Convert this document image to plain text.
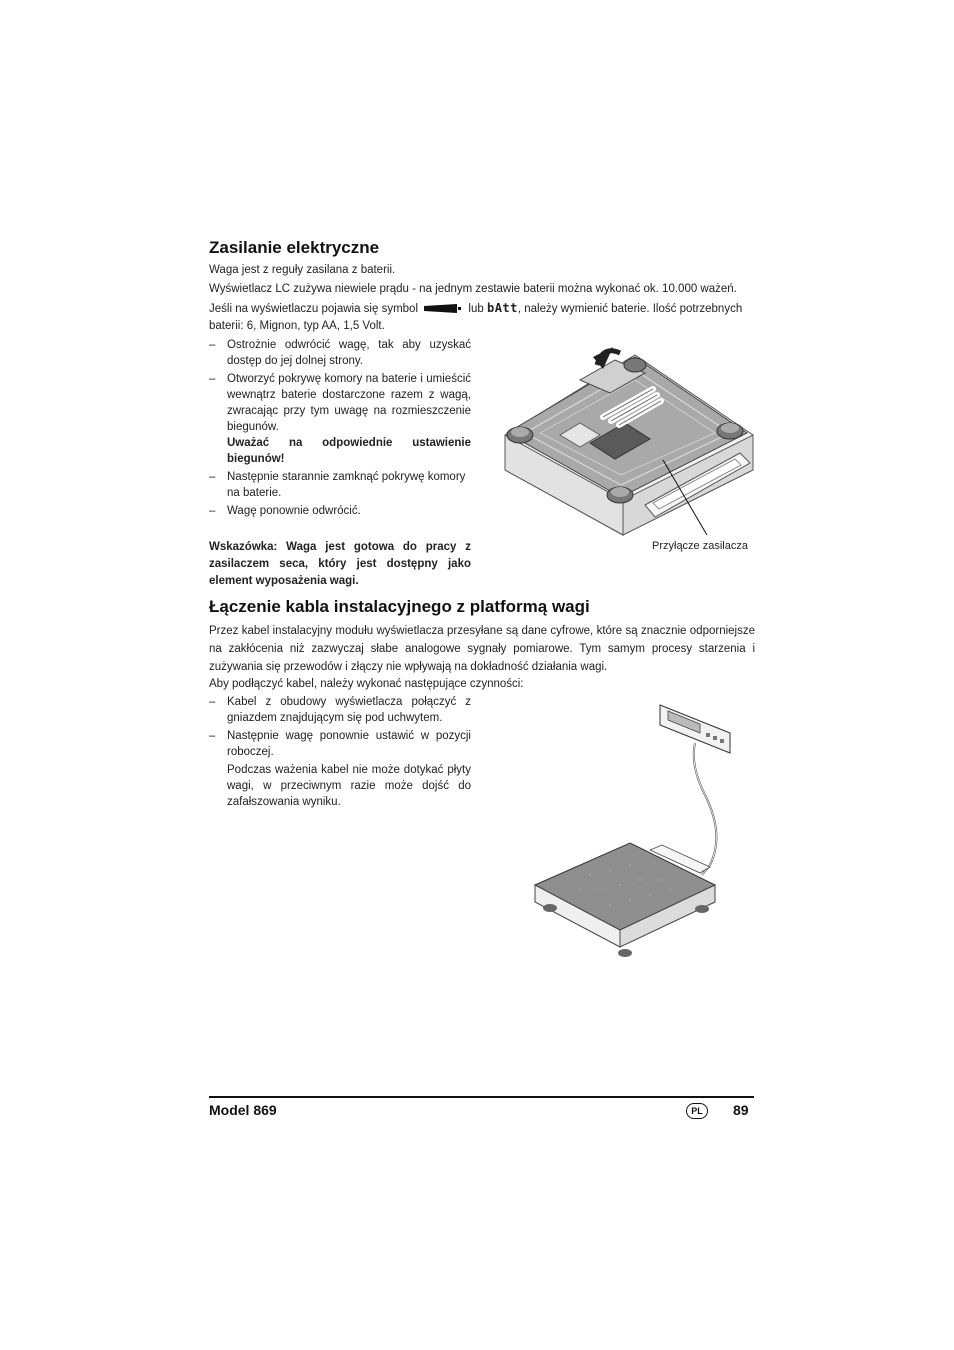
Zasilanie elektryczne

Waga jest z reguły zasilana z baterii.

Wyświetlacz LC zużywa niewiele prądu - na jednym zestawie baterii można wykonać ok. 10.000 ważeń.

Jeśli na wyświetlaczu pojawia się symbol	lub bAtt, należy wymienić baterie. Ilość potrzebnych

baterii: 6, Mignon, typ AA, 1,5 Volt.

– Ostrożnie odwrócić wagę, tak aby uzyskać dostęp do jej dolnej strony.
– Otworzyć pokrywę komory na baterie i umieścić wewnątrz baterie dostarczone razem z wagą, zwracając przy tym uwagę na rozmieszczenie biegunów.
Uważać na odpowiednie ustawienie biegunów!
– Następnie starannie zamknąć pokrywę komory na baterie.
– Wagę ponownie odwrócić.

Wskazówka: Waga jest gotowa do pracy z zasilaczem seca, który jest dostępny jako element wyposażenia wagi.

Przyłącze zasilacza

Łączenie kabla instalacyjnego z platformą wagi

Przez kabel instalacyjny modułu wyświetlacza przesyłane są dane cyfrowe, które są znacznie odporniejsze na zakłócenia niż zazwyczaj słabe analogowe sygnały pomiarowe. Tym samym procesy starzenia i zużywania się przewodów i złączy nie wpływają na dokładność działania wagi.

Aby podłączyć kabel, należy wykonać następujące czynności:

– Kabel z obudowy wyświetlacza połączyć z gniazdem znajdującym się pod uchwytem.
– Następnie wagę ponownie ustawić w pozycji roboczej.
Podczas ważenia kabel nie może dotykać płyty wagi, w przeciwnym razie może dojść do zafałszowania wyniku.
Model 869	PL	89
